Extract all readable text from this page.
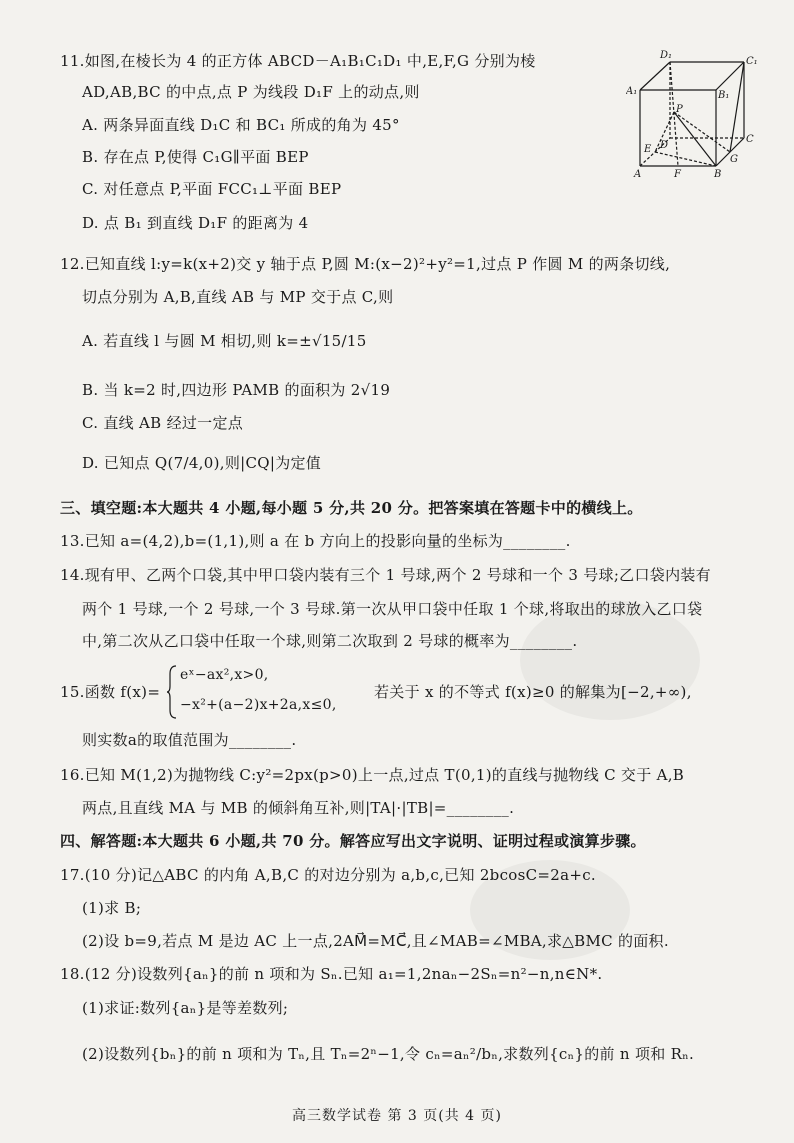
11.如图,在棱长为 4 的正方体 ABCD－A₁B₁C₁D₁ 中,E,F,G 分别为棱
AD,AB,BC 的中点,点 P 为线段 D₁F 上的动点,则
A. 两条异面直线 D₁C 和 BC₁ 所成的角为 45°
B. 存在点 P,使得 C₁G∥平面 BEP
C. 对任意点 P,平面 FCC₁⊥平面 BEP
D. 点 B₁ 到直线 D₁F 的距离为 4
D₁
C₁
A₁	B₁
P
E D
C
G
A	F	B
12.已知直线 l:y=k(x+2)交 y 轴于点 P,圆 M:(x−2)²+y²=1,过点 P 作圆 M 的两条切线,
切点分别为 A,B,直线 AB 与 MP 交于点 C,则
A. 若直线 l 与圆 M 相切,则 k=±√15/15
B. 当 k=2 时,四边形 PAMB 的面积为 2√19
C. 直线 AB 经过一定点
D. 已知点 Q(7/4,0),则|CQ|为定值
三、填空题:本大题共 4 小题,每小题 5 分,共 20 分。把答案填在答题卡中的横线上。
13.已知 a=(4,2),b=(1,1),则 a 在 b 方向上的投影向量的坐标为________.
14.现有甲、乙两个口袋,其中甲口袋内装有三个 1 号球,两个 2 号球和一个 3 号球;乙口袋内装有
两个 1 号球,一个 2 号球,一个 3 号球.第一次从甲口袋中任取 1 个球,将取出的球放入乙口袋
中,第二次从乙口袋中任取一个球,则第二次取到 2 号球的概率为________.
15.函数 f(x)=
eˣ−ax²,x>0,
−x²+(a−2)x+2a,x≤0,
若关于 x 的不等式 f(x)≥0 的解集为[−2,+∞),
则实数a的取值范围为________.
16.已知 M(1,2)为抛物线 C:y²=2px(p>0)上一点,过点 T(0,1)的直线与抛物线 C 交于 A,B
两点,且直线 MA 与 MB 的倾斜角互补,则|TA|·|TB|=________.
四、解答题:本大题共 6 小题,共 70 分。解答应写出文字说明、证明过程或演算步骤。
17.(10 分)记△ABC 的内角 A,B,C 的对边分别为 a,b,c,已知 2bcosC=2a+c.
(1)求 B;
(2)设 b=9,若点 M 是边 AC 上一点,2AM⃗=MC⃗,且∠MAB=∠MBA,求△BMC 的面积.
18.(12 分)设数列{aₙ}的前 n 项和为 Sₙ.已知 a₁=1,2naₙ−2Sₙ=n²−n,n∈N*.
(1)求证:数列{aₙ}是等差数列;
(2)设数列{bₙ}的前 n 项和为 Tₙ,且 Tₙ=2ⁿ−1,令 cₙ=aₙ²/bₙ,求数列{cₙ}的前 n 项和 Rₙ.
高三数学试卷 第 3 页(共 4 页)
